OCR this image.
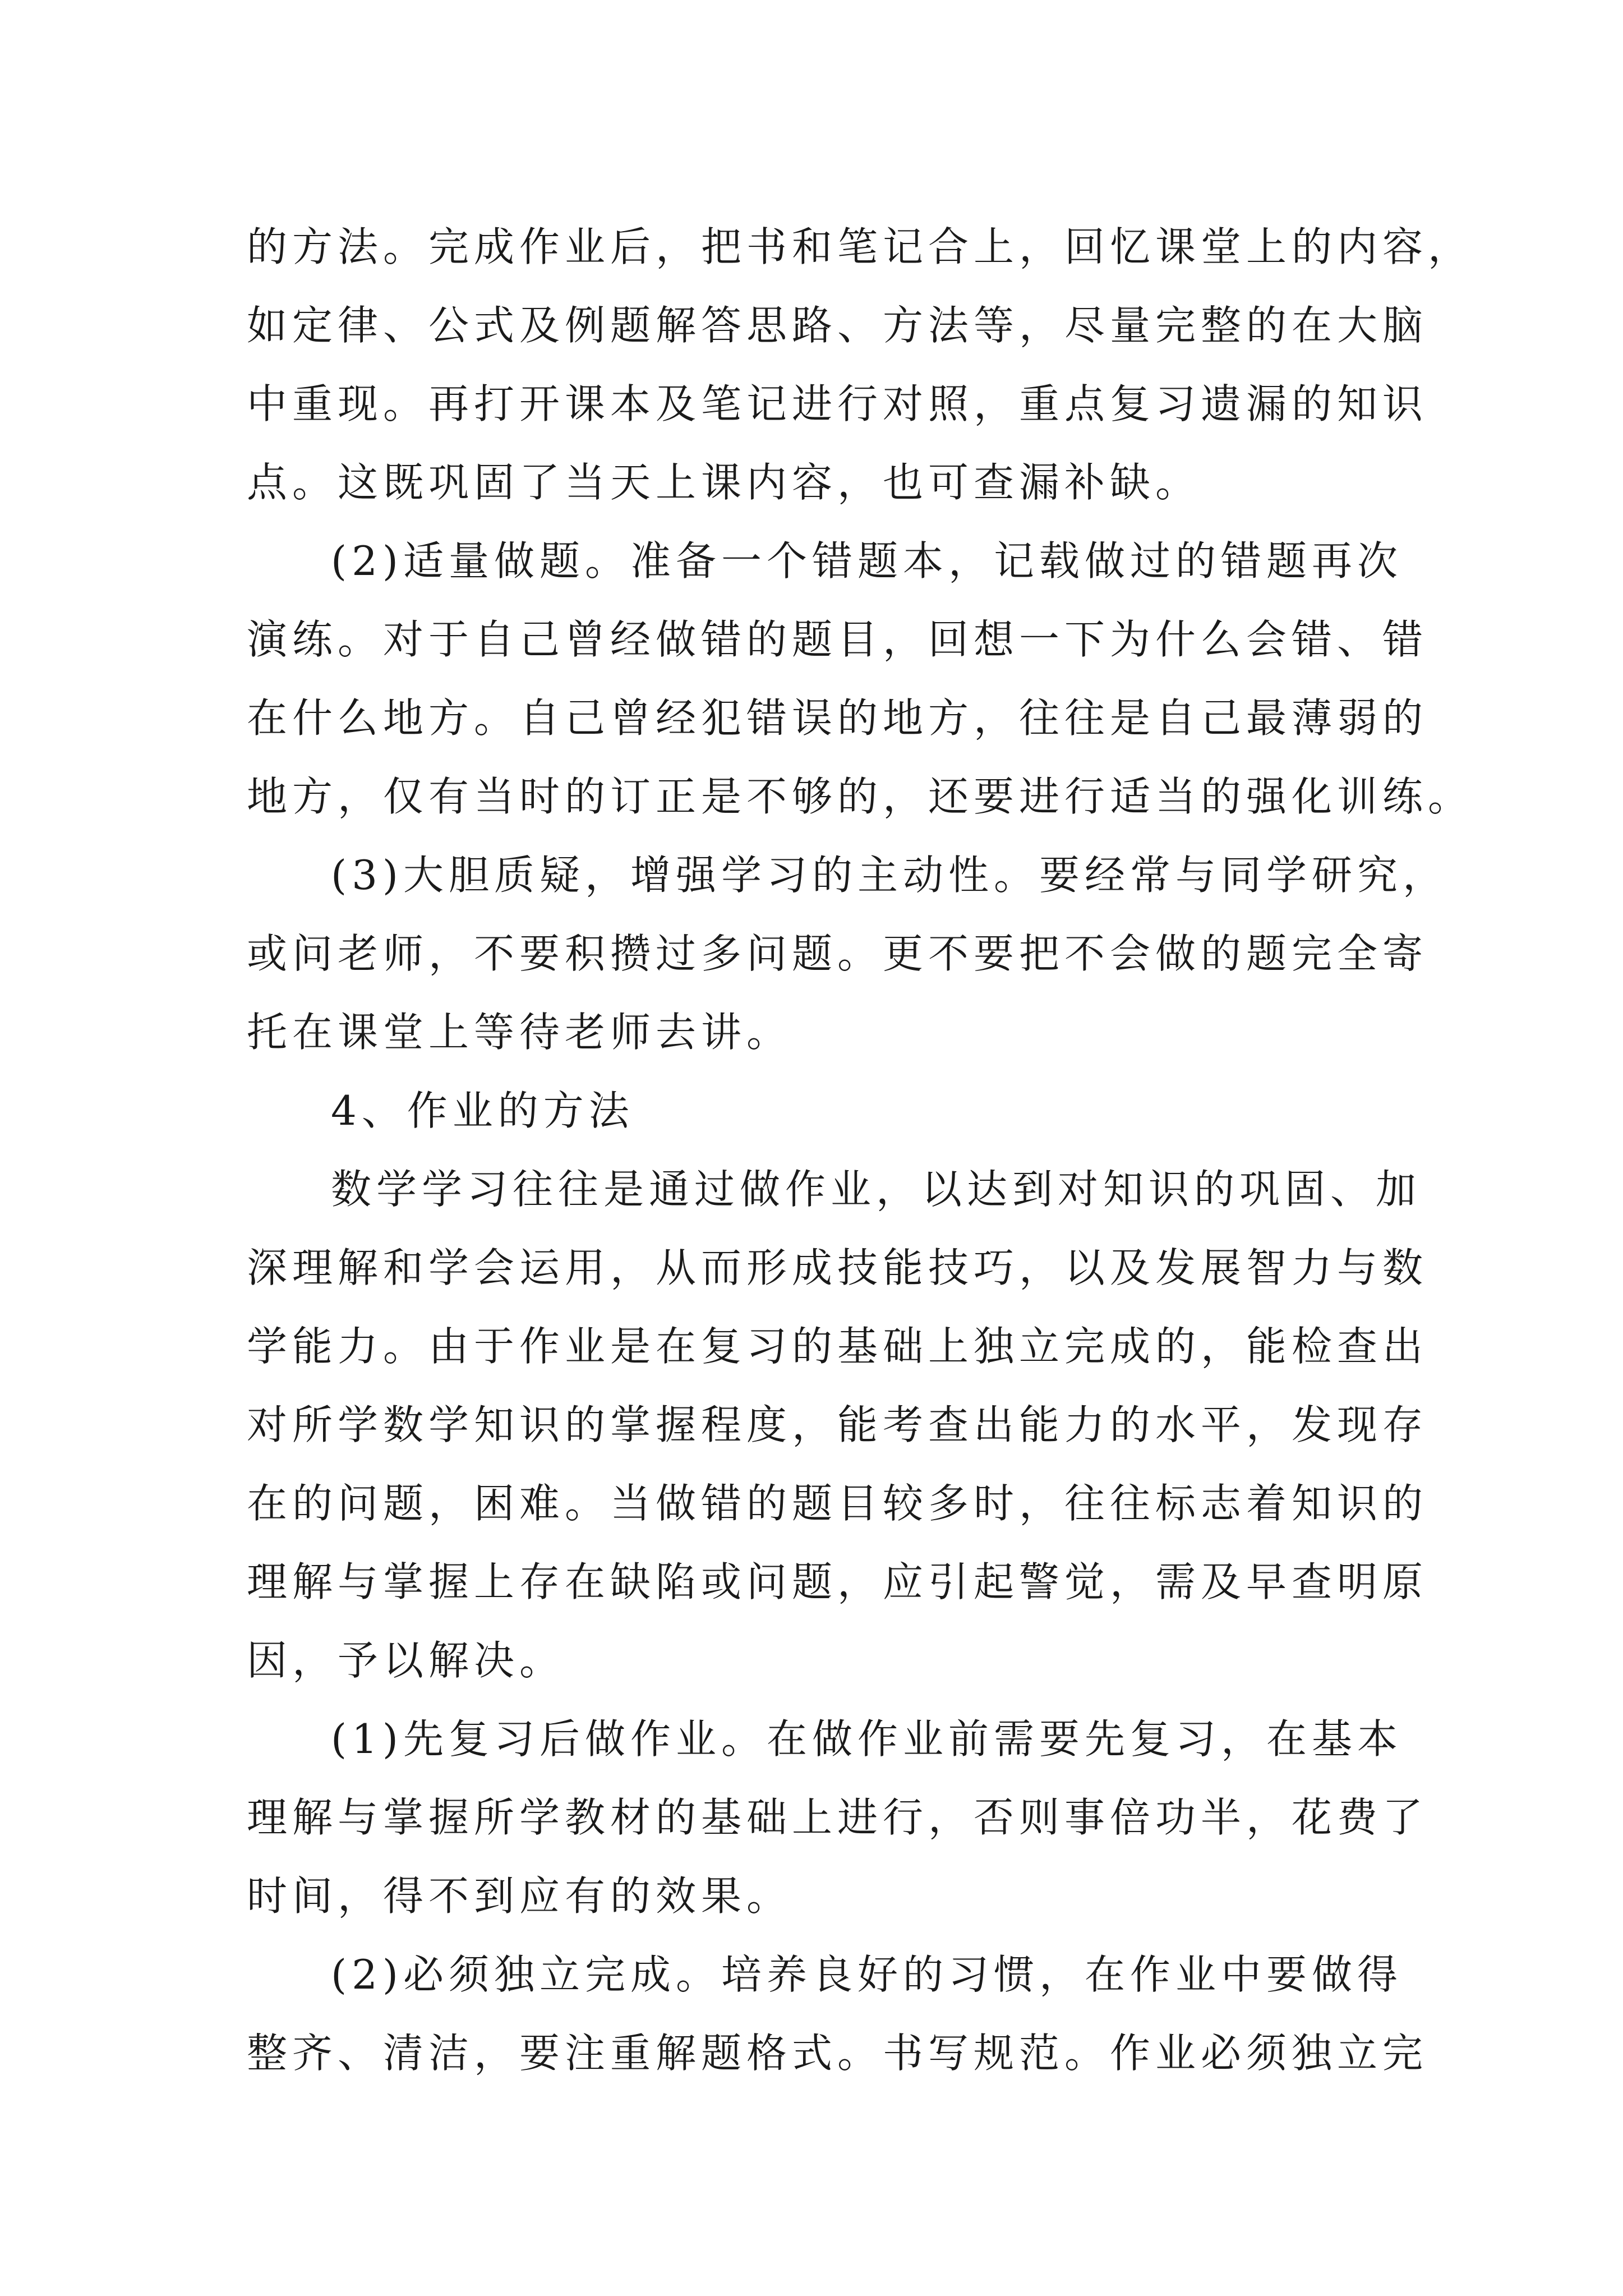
的方法。完成作业后，把书和笔记合上，回忆课堂上的内容，
如定律、公式及例题解答思路、方法等，尽量完整的在大脑
中重现。再打开课本及笔记进行对照，重点复习遗漏的知识
点。这既巩固了当天上课内容，也可查漏补缺。
(2)适量做题。准备一个错题本，记载做过的错题再次
演练。对于自己曾经做错的题目，回想一下为什么会错、错
在什么地方。自己曾经犯错误的地方，往往是自己最薄弱的
地方，仅有当时的订正是不够的，还要进行适当的强化训练。
(3)大胆质疑，增强学习的主动性。要经常与同学研究，
或问老师，不要积攒过多问题。更不要把不会做的题完全寄
托在课堂上等待老师去讲。
4、作业的方法
数学学习往往是通过做作业，以达到对知识的巩固、加
深理解和学会运用，从而形成技能技巧，以及发展智力与数
学能力。由于作业是在复习的基础上独立完成的，能检查出
对所学数学知识的掌握程度，能考查出能力的水平，发现存
在的问题，困难。当做错的题目较多时，往往标志着知识的
理解与掌握上存在缺陷或问题，应引起警觉，需及早查明原
因，予以解决。
(1)先复习后做作业。在做作业前需要先复习，在基本
理解与掌握所学教材的基础上进行，否则事倍功半，花费了
时间，得不到应有的效果。
(2)必须独立完成。培养良好的习惯，在作业中要做得
整齐、清洁，要注重解题格式。书写规范。作业必须独立完
